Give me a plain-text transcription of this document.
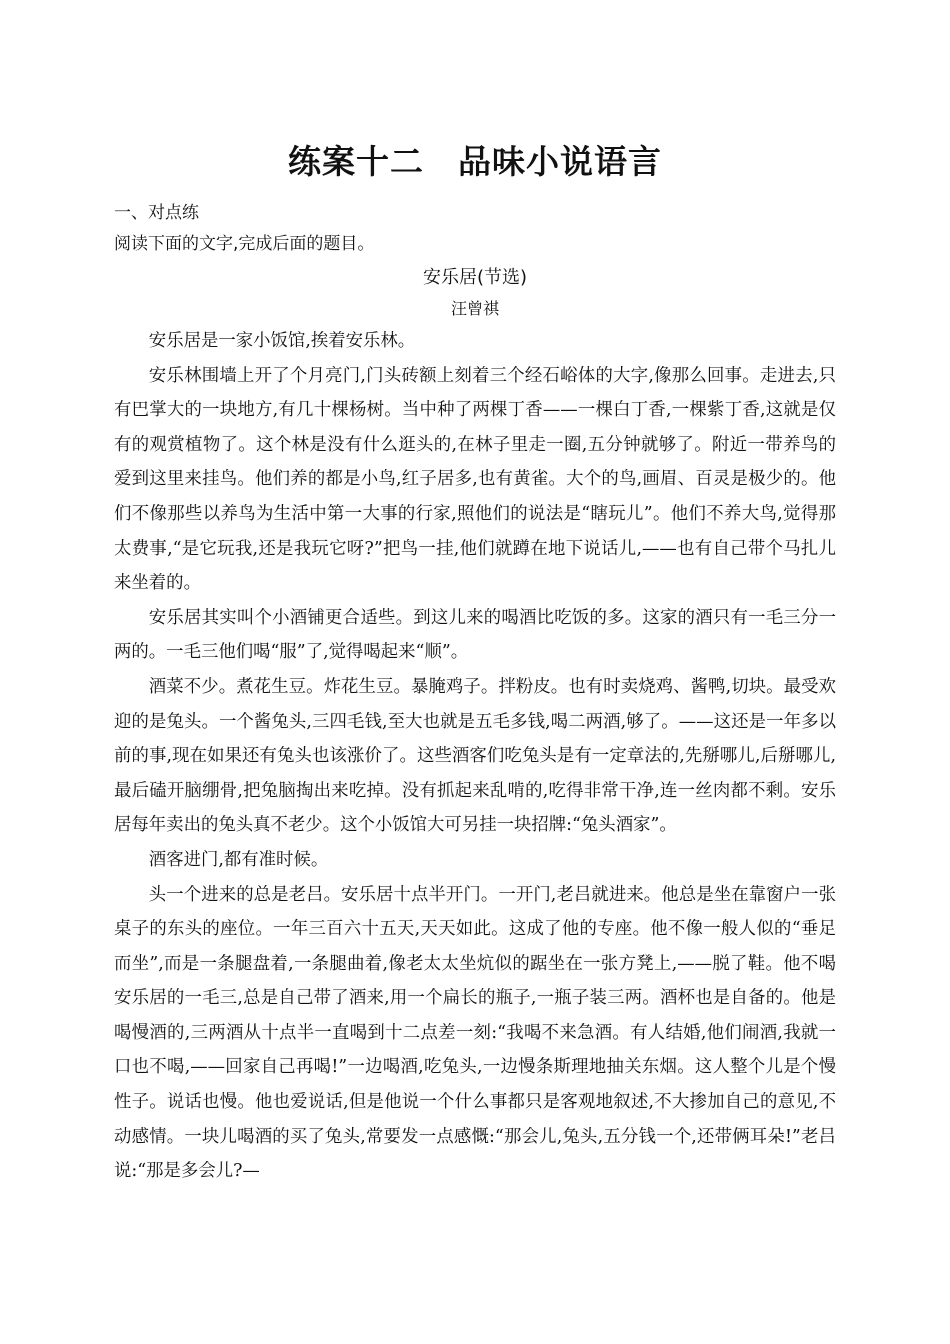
练案十二　品味小说语言
一、对点练
阅读下面的文字,完成后面的题目。
安乐居(节选)
汪曾祺

安乐居是一家小饭馆,挨着安乐林。

安乐林围墙上开了个月亮门,门头砖额上刻着三个经石峪体的大字,像那么回事。走进去,只有巴掌大的一块地方,有几十棵杨树。当中种了两棵丁香——一棵白丁香,一棵紫丁香,这就是仅有的观赏植物了。这个林是没有什么逛头的,在林子里走一圈,五分钟就够了。附近一带养鸟的爱到这里来挂鸟。他们养的都是小鸟,红子居多,也有黄雀。大个的鸟,画眉、百灵是极少的。他们不像那些以养鸟为生活中第一大事的行家,照他们的说法是“瞎玩儿”。他们不养大鸟,觉得那太费事,“是它玩我,还是我玩它呀?”把鸟一挂,他们就蹲在地下说话儿,——也有自己带个马扎儿来坐着的。

安乐居其实叫个小酒铺更合适些。到这儿来的喝酒比吃饭的多。这家的酒只有一毛三分一两的。一毛三他们喝“服”了,觉得喝起来“顺”。

酒菜不少。煮花生豆。炸花生豆。暴腌鸡子。拌粉皮。也有时卖烧鸡、酱鸭,切块。最受欢迎的是兔头。一个酱兔头,三四毛钱,至大也就是五毛多钱,喝二两酒,够了。——这还是一年多以前的事,现在如果还有兔头也该涨价了。这些酒客们吃兔头是有一定章法的,先掰哪儿,后掰哪儿,最后磕开脑绷骨,把兔脑掏出来吃掉。没有抓起来乱啃的,吃得非常干净,连一丝肉都不剩。安乐居每年卖出的兔头真不老少。这个小饭馆大可另挂一块招牌:“兔头酒家”。

酒客进门,都有准时候。

头一个进来的总是老吕。安乐居十点半开门。一开门,老吕就进来。他总是坐在靠窗户一张桌子的东头的座位。一年三百六十五天,天天如此。这成了他的专座。他不像一般人似的“垂足而坐”,而是一条腿盘着,一条腿曲着,像老太太坐炕似的踞坐在一张方凳上,——脱了鞋。他不喝安乐居的一毛三,总是自己带了酒来,用一个扁长的瓶子,一瓶子装三两。酒杯也是自备的。他是喝慢酒的,三两酒从十点半一直喝到十二点差一刻:“我喝不来急酒。有人结婚,他们闹酒,我就一口也不喝,——回家自己再喝!”一边喝酒,吃兔头,一边慢条斯理地抽关东烟。这人整个儿是个慢性子。说话也慢。他也爱说话,但是他说一个什么事都只是客观地叙述,不大掺加自己的意见,不动感情。一块儿喝酒的买了兔头,常要发一点感慨:“那会儿,兔头,五分钱一个,还带俩耳朵!”老吕说:“那是多会儿?—
